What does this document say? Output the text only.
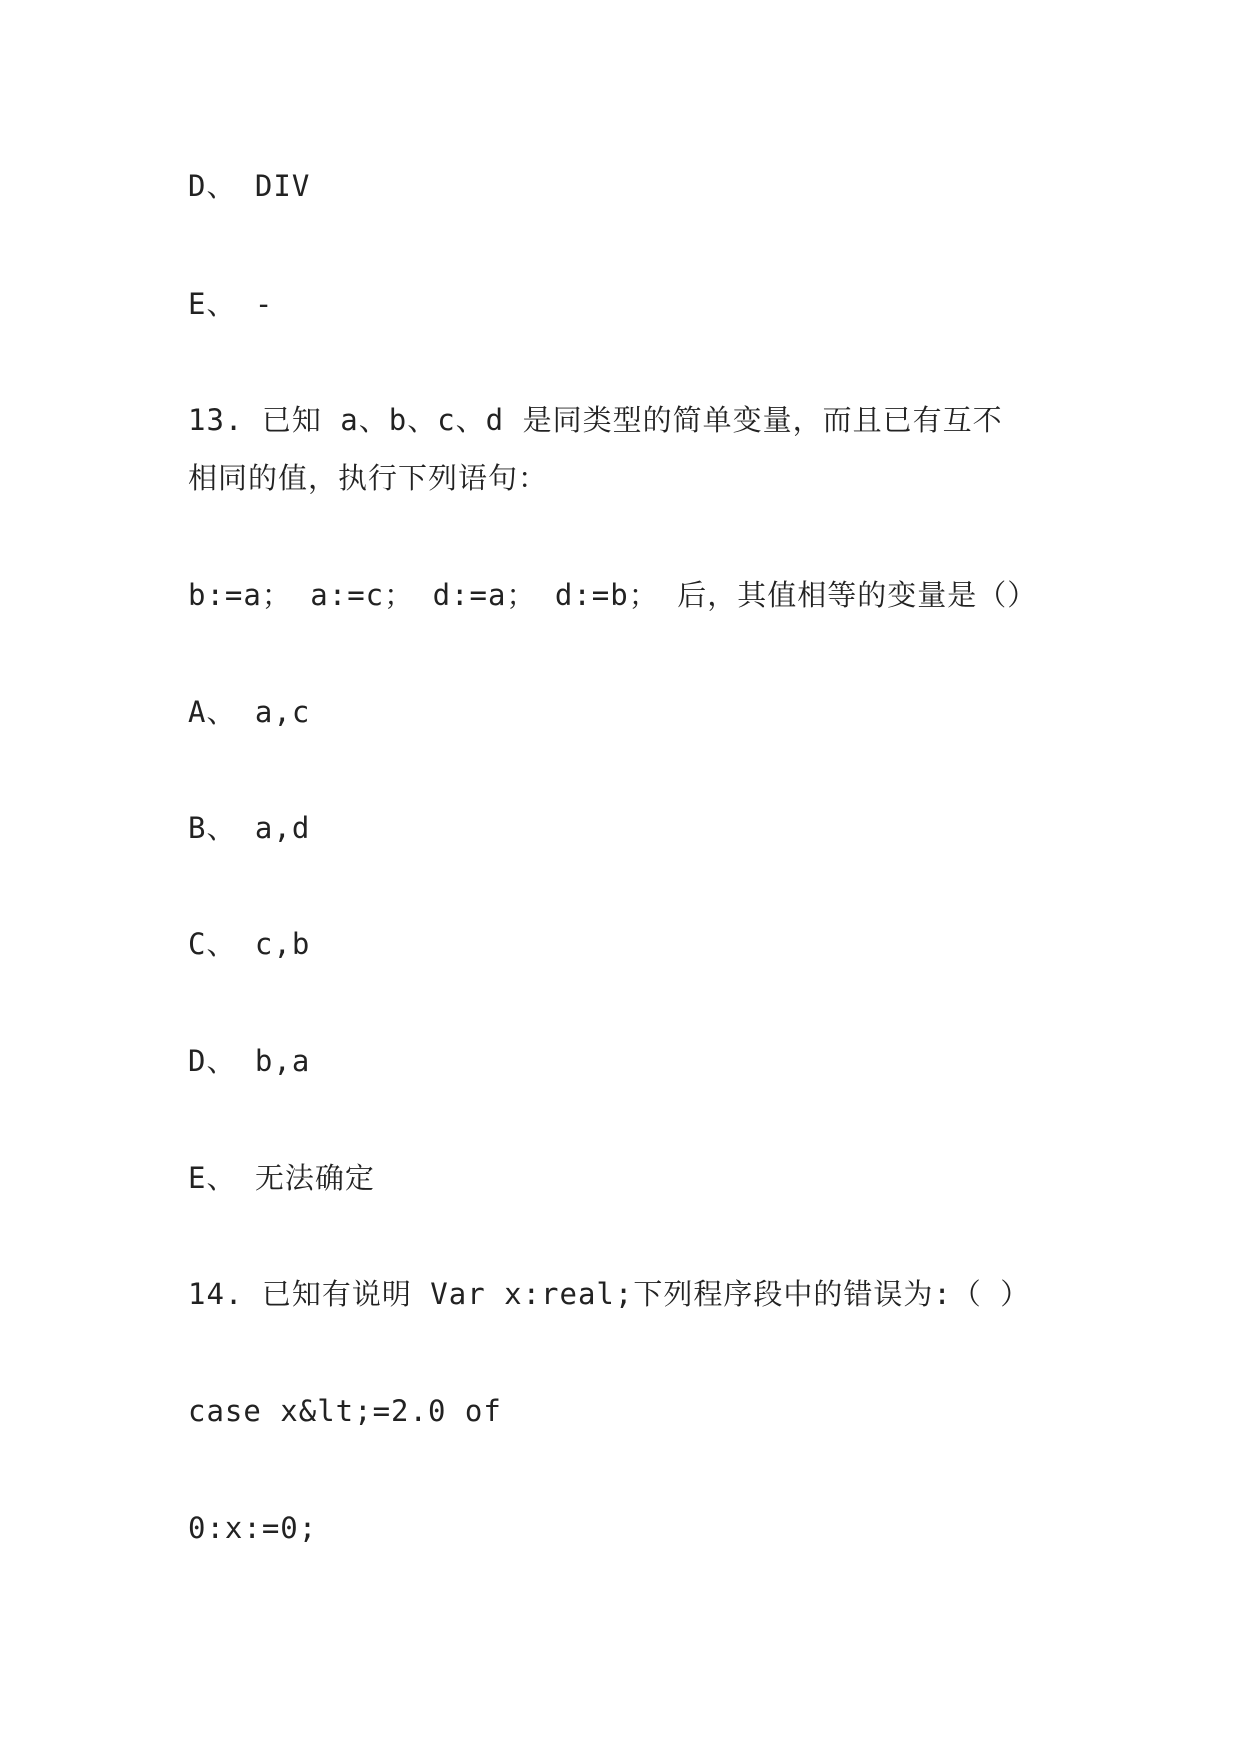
D、 DIV
E、 -
13. 已知 a、b、c、d 是同类型的简单变量，而且已有互不
相同的值，执行下列语句：
b:=a； a:=c； d:=a； d:=b； 后，其值相等的变量是（）
A、 a,c
B、 a,d
C、 c,b
D、 b,a
E、 无法确定
14. 已知有说明 Var x:real;下列程序段中的错误为:（ ）
case x&lt;=2.0 of
0:x:=0;
